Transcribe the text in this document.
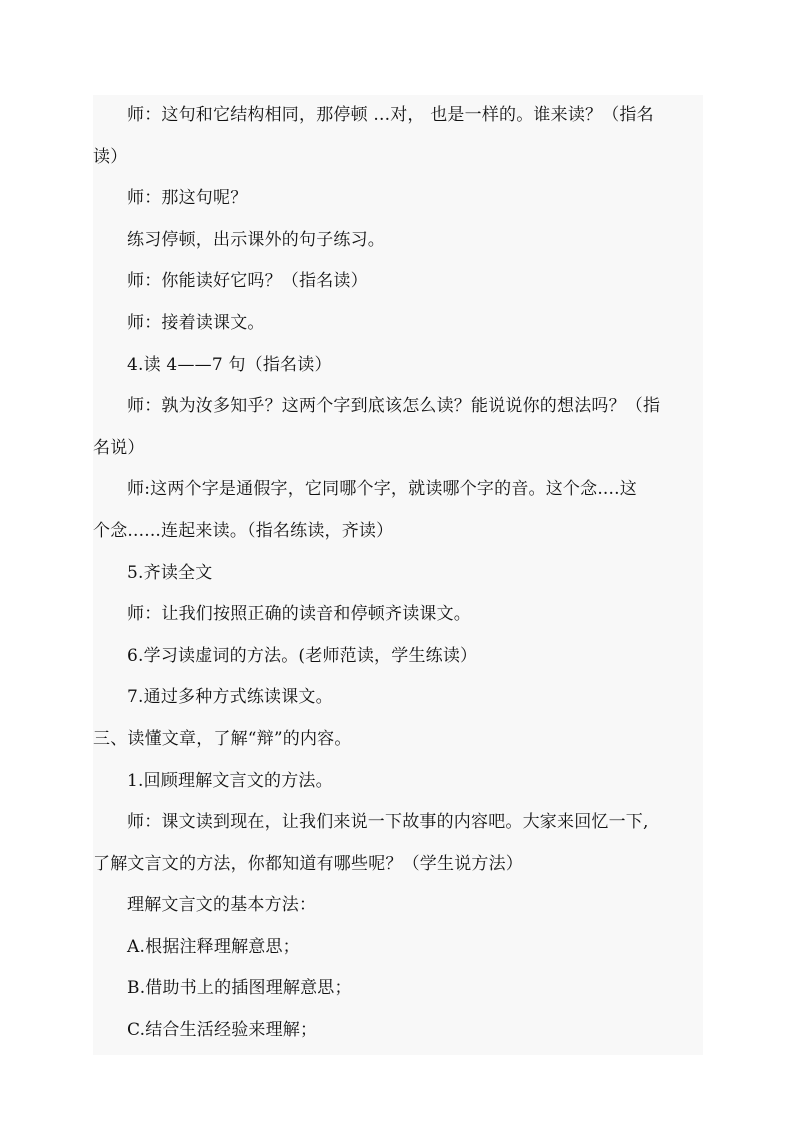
师：这句和它结构相同，那停顿 ...对， 也是一样的。谁来读？（指名

读）

师：那这句呢？

练习停顿，出示课外的句子练习。

师：你能读好它吗？（指名读）

师：接着读课文。

4.读 4——7 句（指名读）

师：孰为汝多知乎？这两个字到底该怎么读？能说说你的想法吗？（指

名说）

师:这两个字是通假字，它同哪个字，就读哪个字的音。这个念....这

个念......连起来读。（指名练读，齐读）

5.齐读全文

师：让我们按照正确的读音和停顿齐读课文。

6.学习读虚词的方法。(老师范读，学生练读）

7.通过多种方式练读课文。

三、读懂文章，了解“辩”的内容。

1.回顾理解文言文的方法。

师：课文读到现在，让我们来说一下故事的内容吧。大家来回忆一下,

了解文言文的方法，你都知道有哪些呢？（学生说方法）

理解文言文的基本方法：

A.根据注释理解意思；

B.借助书上的插图理解意思；

C.结合生活经验来理解；
